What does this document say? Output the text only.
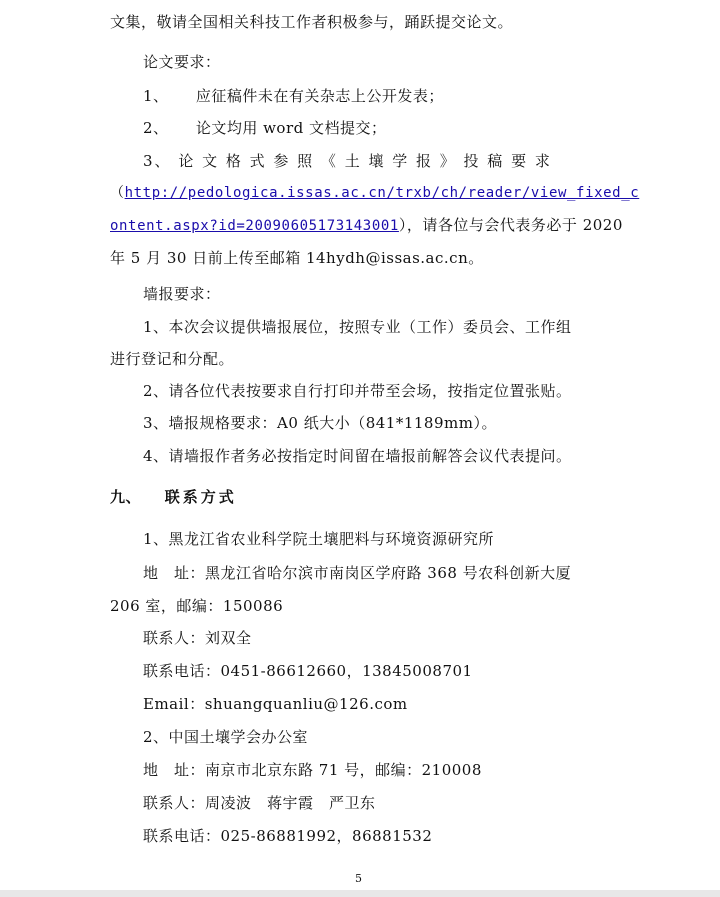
文集，敬请全国相关科技工作者积极参与，踊跃提交论文。
论文要求：
1、 应征稿件未在有关杂志上公开发表；
2、 论文均用 word 文档提交；
3、 论 文 格 式 参 照 《 土 壤 学 报 》 投 稿 要 求
（http://pedologica.issas.ac.cn/trxb/ch/reader/view_fixed_c
ontent.aspx?id=20090605173143001），请各位与会代表务必于 2020
年 5 月 30 日前上传至邮箱 14hydh@issas.ac.cn。
墙报要求：
1、本次会议提供墙报展位，按照专业（工作）委员会、工作组
进行登记和分配。
2、请各位代表按要求自行打印并带至会场，按指定位置张贴。
3、墙报规格要求：A0 纸大小（841*1189mm）。
4、请墙报作者务必按指定时间留在墙报前解答会议代表提问。
九、 联系方式
1、黑龙江省农业科学院土壤肥料与环境资源研究所
地　址：黑龙江省哈尔滨市南岗区学府路 368 号农科创新大厦
206 室，邮编：150086
联系人：刘双全
联系电话：0451-86612660，13845008701
Email：shuangquanliu@126.com
2、中国土壤学会办公室
地　址：南京市北京东路 71 号，邮编：210008
联系人：周凌波　蒋宇霞　严卫东
联系电话：025-86881992，86881532
5
